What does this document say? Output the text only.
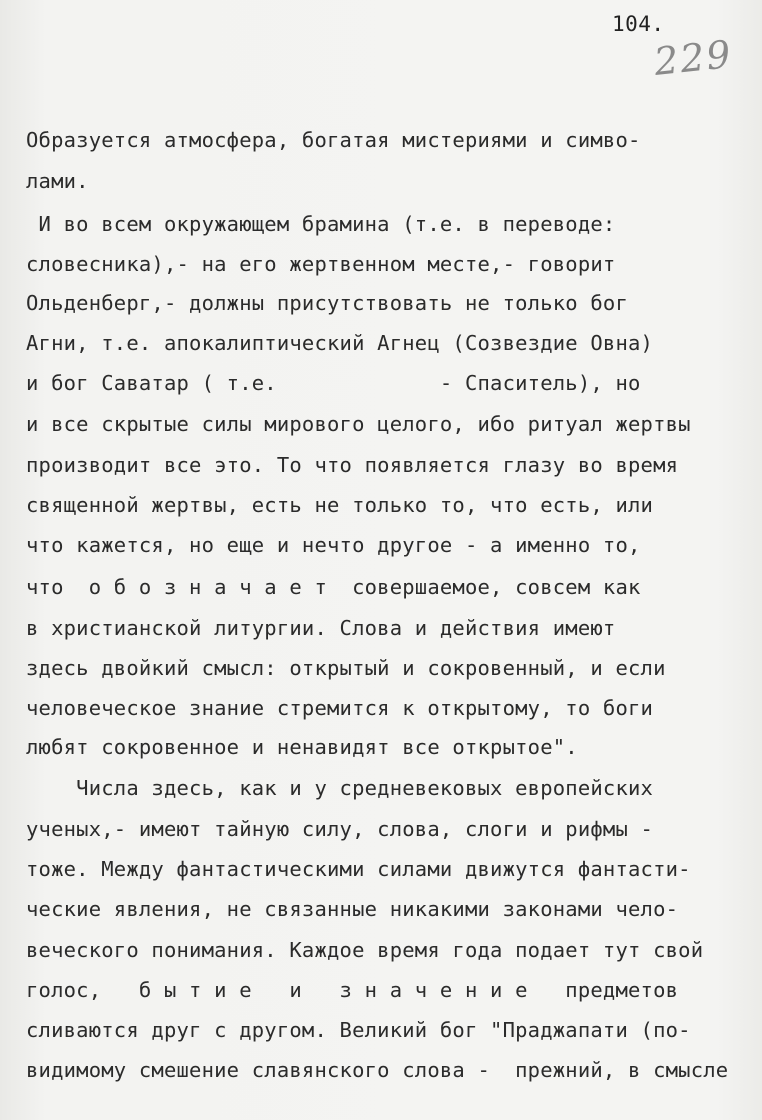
104.
229
Образуется атмосфера, богатая мистериями и симво-
лами.
И во всем окружающем брамина (т.е. в переводе:
словесника),- на его жертвенном месте,- говорит
Ольденберг,- должны присутствовать не только бог
Агни, т.е. апокалиптический Агнец (Созвездие Овна)
и бог Саватар ( т.е.             - Спаситель), но
и все скрытые силы мирового целого, ибо ритуал жертвы
производит все это. То что появляется глазу во время
священной жертвы, есть не только то, что есть, или
что кажется, но еще и нечто другое - а именно то,
что  о б о з н а ч а е т  совершаемое, совсем как
в христианской литургии. Слова и действия имеют
здесь двойкий смысл: открытый и сокровенный, и если
человеческое знание стремится к открытому, то боги
любят сокровенное и ненавидят все открытое".
Числа здесь, как и у средневековых европейских
ученых,- имеют тайную силу, слова, слоги и рифмы -
тоже. Между фантастическими силами движутся фантасти-
ческие явления, не связанные никакими законами чело-
веческого понимания. Каждое время года подает тут свой
голос,   б ы т и е   и   з н а ч е н и е   предметов
сливаются друг с другом. Великий бог "Праджапати (по-
видимому смешение славянского слова -  прежний, в смысле
